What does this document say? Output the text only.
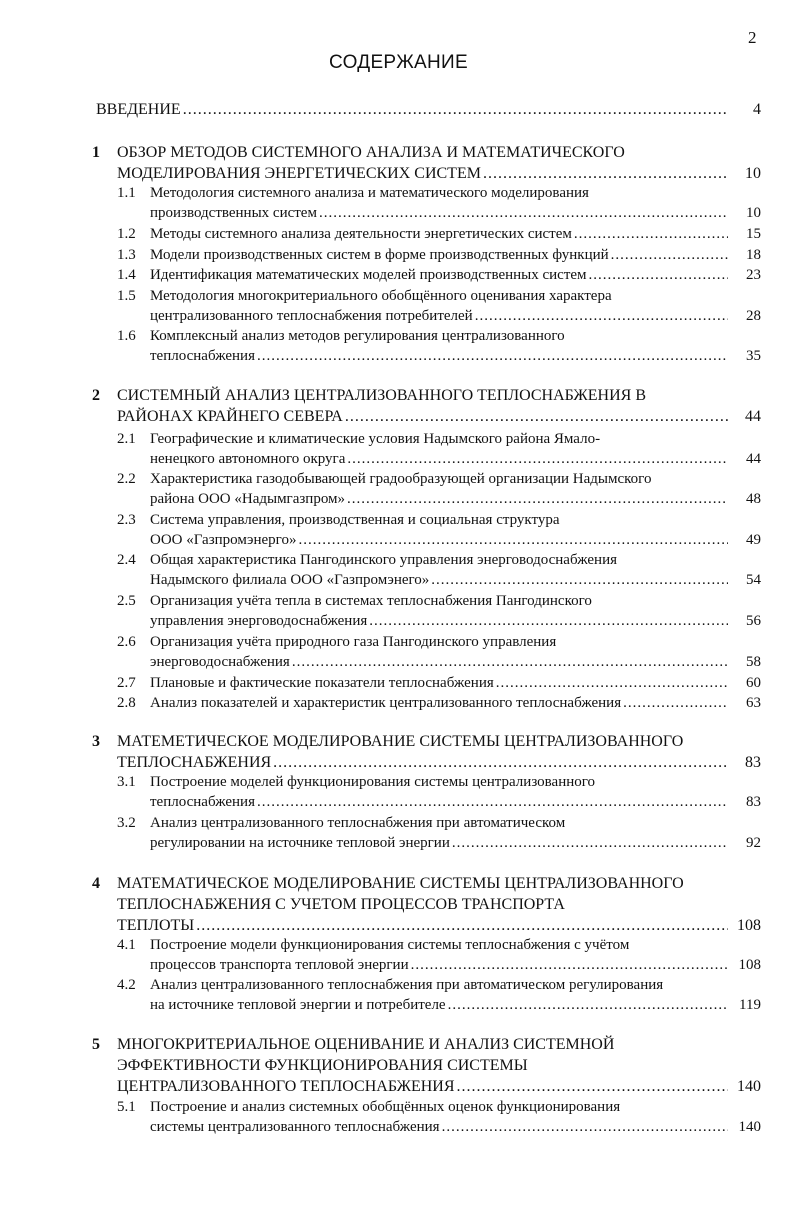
2
СОДЕРЖАНИЕ
ВВЕДЕНИЕ .....	4
1 ОБЗОР МЕТОДОВ СИСТЕМНОГО АНАЛИЗА И МАТЕМАТИЧЕСКОГО
МОДЕЛИРОВАНИЯ ЭНЕРГЕТИЧЕСКИХ СИСТЕМ .....	10
1.1 Методология системного анализа и математического моделирования
производственных систем .....	10
1.2 Методы системного анализа деятельности энергетических систем .....	15
1.3 Модели производственных систем в форме производственных функций .....	18
1.4 Идентификация математических моделей производственных систем .....	23
1.5 Методология многокритериального обобщённого оценивания характера
централизованного теплоснабжения потребителей .....	28
1.6 Комплексный анализ методов регулирования централизованного
теплоснабжения .....	35
2 СИСТЕМНЫЙ АНАЛИЗ ЦЕНТРАЛИЗОВАННОГО ТЕПЛОСНАБЖЕНИЯ В
РАЙОНАХ КРАЙНЕГО СЕВЕРА .....	44
2.1 Географические и климатические условия Надымского района Ямало-
ненецкого автономного округа .....	44
2.2 Характеристика газодобывающей градообразующей организации Надымского
района ООО «Надымгазпром» .....	48
2.3 Система управления, производственная и социальная структура
ООО «Газпромэнерго» .....	49
2.4 Общая характеристика Пангодинского управления энерговодоснабжения
Надымского филиала ООО «Газпромэнего» .....	54
2.5 Организация учёта тепла в системах теплоснабжения Пангодинского
управления энерговодоснабжения .....	56
2.6 Организация учёта природного газа Пангодинского управления
энерговодоснабжения .....	58
2.7 Плановые и фактические показатели теплоснабжения .....	60
2.8 Анализ показателей и характеристик централизованного теплоснабжения .....	63
3 МАТЕМЕТИЧЕСКОЕ МОДЕЛИРОВАНИЕ СИСТЕМЫ ЦЕНТРАЛИЗОВАННОГО
ТЕПЛОСНАБЖЕНИЯ .....	83
3.1 Построение моделей функционирования системы централизованного
теплоснабжения .....	83
3.2 Анализ централизованного теплоснабжения при автоматическом
регулировании на источнике тепловой энергии .....	92
4 МАТЕМАТИЧЕСКОЕ МОДЕЛИРОВАНИЕ СИСТЕМЫ ЦЕНТРАЛИЗОВАННОГО
ТЕПЛОСНАБЖЕНИЯ С УЧЕТОМ ПРОЦЕССОВ ТРАНСПОРТА
ТЕПЛОТЫ .....	108
4.1 Построение модели функционирования системы теплоснабжения с учётом
процессов транспорта тепловой энергии .....	108
4.2 Анализ централизованного теплоснабжения при автоматическом регулирования
на источнике тепловой энергии и потребителе .....	119
5 МНОГОКРИТЕРИАЛЬНОЕ ОЦЕНИВАНИЕ И АНАЛИЗ СИСТЕМНОЙ
ЭФФЕКТИВНОСТИ ФУНКЦИОНИРОВАНИЯ СИСТЕМЫ
ЦЕНТРАЛИЗОВАННОГО ТЕПЛОСНАБЖЕНИЯ .....	140
5.1 Построение и анализ системных обобщённых оценок функционирования
системы централизованного теплоснабжения .....	140
